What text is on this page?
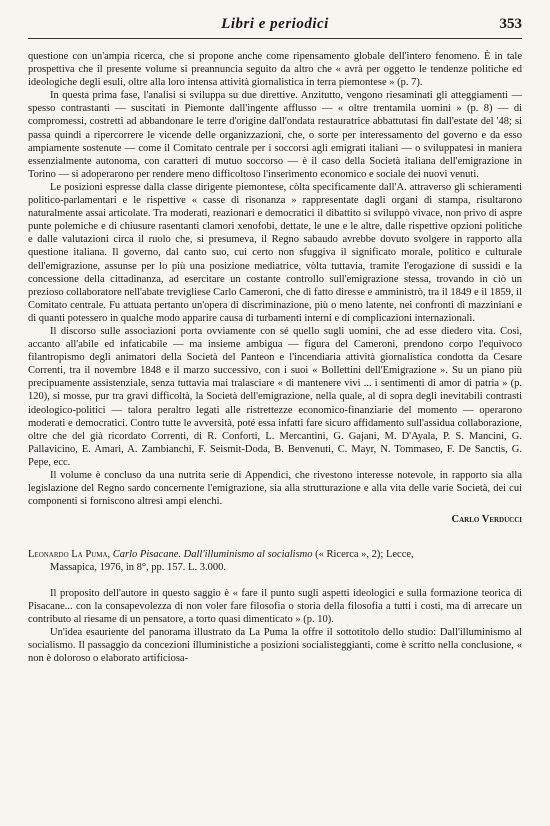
Libri e periodici	353

questione con un'ampia ricerca, che si propone anche come ripensamento globale dell'intero fenomeno. È in tale prospettiva che il presente volume si preannuncia seguito da altro che « avrà per oggetto le tendenze politiche ed ideologiche degli esuli, oltre alla loro intensa attività giornalistica in terra piemontese » (p. 7).

In questa prima fase, l'analisi si sviluppa su due direttive. Anzitutto, vengono riesaminati gli atteggiamenti — spesso contrastanti — suscitati in Piemonte dall'ingente afflusso — « oltre trentamila uomini » (p. 8) — di compromessi, costretti ad abbandonare le terre d'origine dall'ondata restauratrice abbattutasi fin dall'estate del '48; si passa quindi a ripercorrere le vicende delle organizzazioni, che, o sorte per interessamento del governo e da esso ampiamente sostenute — come il Comitato centrale per i soccorsi agli emigrati italiani — o sviluppatesi in maniera essenzialmente autonoma, con caratteri di mutuo soccorso — è il caso della Società italiana dell'emigrazione in Torino — si adoperarono per rendere meno difficoltoso l'inserimento economico e sociale dei nuovi venuti.

Le posizioni espresse dalla classe dirigente piemontese, còlta specificamente dall'A. attraverso gli schieramenti politico-parlamentari e le rispettive « casse di risonanza » rappresentate dagli organi di stampa, risultarono naturalmente assai articolate. Tra moderati, reazionari e democratici il dibattito si sviluppò vivace, non privo di aspre punte polemiche e di chiusure rasentanti clamori xenofobi, dettate, le une e le altre, dalle rispettive opzioni politiche e dalle valutazioni circa il ruolo che, si presumeva, il Regno sabaudo avrebbe dovuto svolgere in rapporto alla questione italiana. Il governo, dal canto suo, cui certo non sfuggiva il significato morale, politico e culturale dell'emigrazione, assunse per lo più una posizione mediatrice, vòlta tuttavia, tramite l'erogazione di sussidi e la concessione della cittadinanza, ad esercitare un costante controllo sull'emigrazione stessa, trovando in ciò un prezioso collaboratore nell'abate trevigliese Carlo Cameroni, che di fatto diresse e amministrò, tra il 1849 e il 1859, il Comitato centrale. Fu attuata pertanto un'opera di discriminazione, più o meno latente, nei confronti di mazziniani e di quanti potessero in qualche modo apparire causa di turbamenti interni e di complicazioni internazionali.

Il discorso sulle associazioni porta ovviamente con sé quello sugli uomini, che ad esse diedero vita. Così, accanto all'abile ed infaticabile — ma insieme ambigua — figura del Cameroni, prendono corpo l'equivoco filantropismo degli animatori della Società del Panteon e l'incendiaria attività giornalistica condotta da Cesare Correnti, tra il novembre 1848 e il marzo successivo, con i suoi « Bollettini dell'Emigrazione ». Su un piano più precipuamente assistenziale, senza tuttavia mai tralasciare « di mantenere vivi ... i sentimenti di amor di patria » (p. 120), si mosse, pur tra gravi difficoltà, la Società dell'emigrazione, nella quale, al di sopra degli inevitabili contrasti ideologico-politici — talora peraltro legati alle ristrettezze economico-finanziarie del momento — operarono moderati e democratici. Contro tutte le avversità, poté essa infatti fare sicuro affidamento sull'assidua collaborazione, oltre che del già ricordato Correnti, di R. Conforti, L. Mercantini, G. Gajani, M. D'Ayala, P. S. Mancini, G. Pallavicino, E. Amari, A. Zambianchi, F. Seismit-Doda, B. Benvenuti, C. Mayr, N. Tommaseo, F. De Sanctis, G. Pepe, ecc.

Il volume è concluso da una nutrita serie di Appendici, che rivestono interesse notevole, in rapporto sia alla legislazione del Regno sardo concernente l'emigrazione, sia alla strutturazione e alla vita delle varie Società, dei cui componenti si forniscono altresì ampi elenchi.

Carlo Verducci
Leonardo La Puma, Carlo Pisacane. Dall'illuminismo al socialismo (« Ricerca », 2); Lecce,
Massapica, 1976, in 8°, pp. 157. L. 3.000.

Il proposito dell'autore in questo saggio è « fare il punto sugli aspetti ideologici e sulla formazione teorica di Pisacane... con la consapevolezza di non voler fare filosofia o storia della filosofia a tutti i costi, ma di arrecare un contributo al riesame di un pensatore, a torto quasi dimenticato » (p. 10).

Un'idea esauriente del panorama illustrato da La Puma la offre il sottotitolo dello studio: Dall'illuminismo al socialismo. Il passaggio da concezioni illuministiche a posizioni socialisteggianti, come è scritto nella conclusione, « non è doloroso o elaborato artificiosa-
